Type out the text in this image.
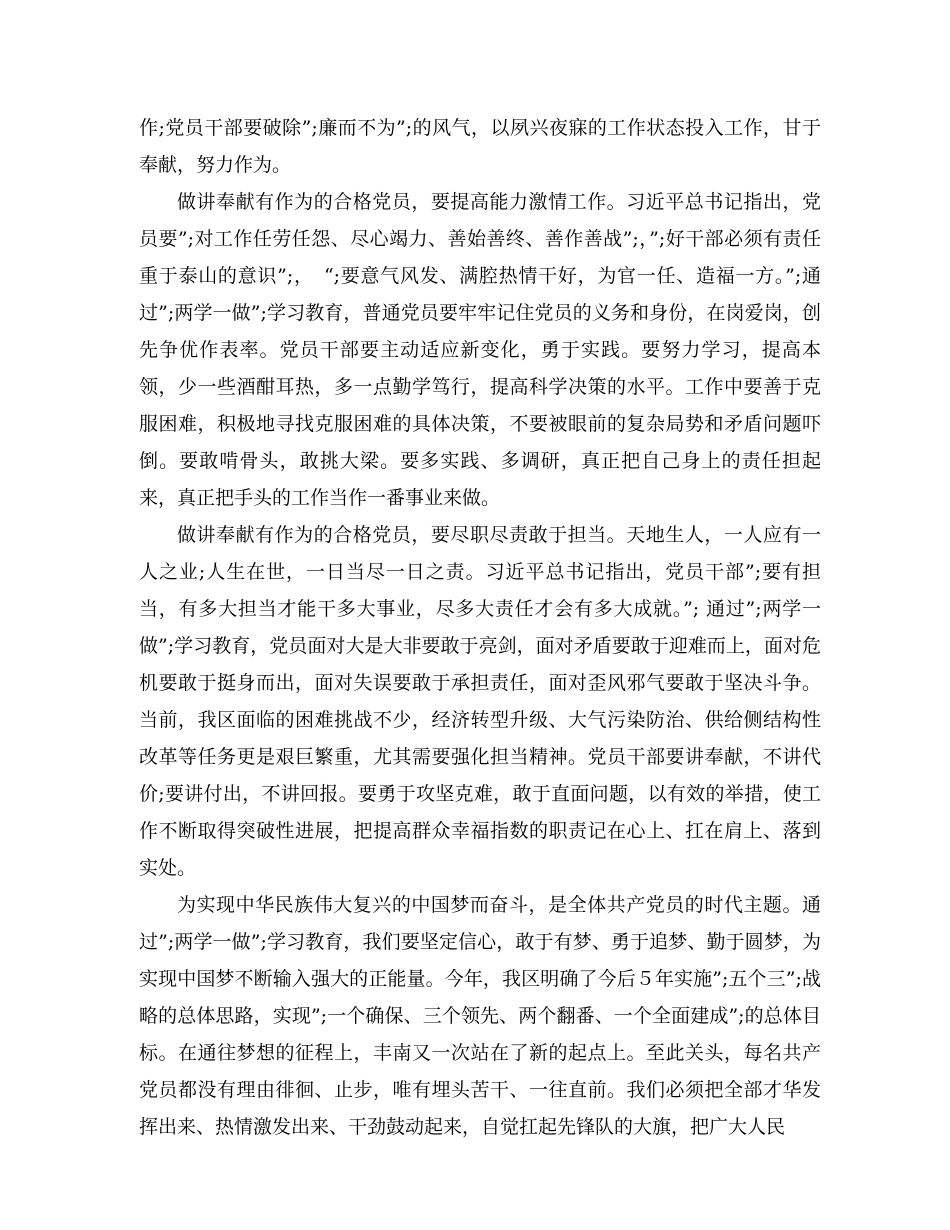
作;党员干部要破除”;廉而不为”;的风气，以夙兴夜寐的工作状态投入工作，甘于奉献，努力作为。

做讲奉献有作为的合格党员，要提高能力激情工作。习近平总书记指出，党员要”;对工作任劳任怨、尽心竭力、善始善终、善作善战”;，”;好干部必须有责任重于泰山的意识”;，　“;要意气风发、满腔热情干好，为官一任、造福一方。”;通过”;两学一做”;学习教育，普通党员要牢牢记住党员的义务和身份，在岗爱岗，创先争优作表率。党员干部要主动适应新变化，勇于实践。要努力学习，提高本领，少一些酒酣耳热，多一点勤学笃行，提高科学决策的水平。工作中要善于克服困难，积极地寻找克服困难的具体决策，不要被眼前的复杂局势和矛盾问题吓倒。要敢啃骨头，敢挑大梁。要多实践、多调研，真正把自己身上的责任担起来，真正把手头的工作当作一番事业来做。

做讲奉献有作为的合格党员，要尽职尽责敢于担当。天地生人，一人应有一人之业;人生在世，一日当尽一日之责。习近平总书记指出，党员干部”;要有担当，有多大担当才能干多大事业，尽多大责任才会有多大成就。”; 通过”;两学一做”;学习教育，党员面对大是大非要敢于亮剑，面对矛盾要敢于迎难而上，面对危机要敢于挺身而出，面对失误要敢于承担责任，面对歪风邪气要敢于坚决斗争。当前，我区面临的困难挑战不少，经济转型升级、大气污染防治、供给侧结构性改革等任务更是艰巨繁重，尤其需要强化担当精神。党员干部要讲奉献，不讲代价;要讲付出，不讲回报。要勇于攻坚克难，敢于直面问题，以有效的举措，使工作不断取得突破性进展，把提高群众幸福指数的职责记在心上、扛在肩上、落到实处。

为实现中华民族伟大复兴的中国梦而奋斗，是全体共产党员的时代主题。通过”;两学一做”;学习教育，我们要坚定信心，敢于有梦、勇于追梦、勤于圆梦，为实现中国梦不断输入强大的正能量。今年，我区明确了今后５年实施”;五个三”;战略的总体思路，实现”;一个确保、三个领先、两个翻番、一个全面建成”;的总体目标。在通往梦想的征程上，丰南又一次站在了新的起点上。至此关头，每名共产党员都没有理由徘徊、止步，唯有埋头苦干、一往直前。我们必须把全部才华发挥出来、热情激发出来、干劲鼓动起来，自觉扛起先锋队的大旗，把广大人民
